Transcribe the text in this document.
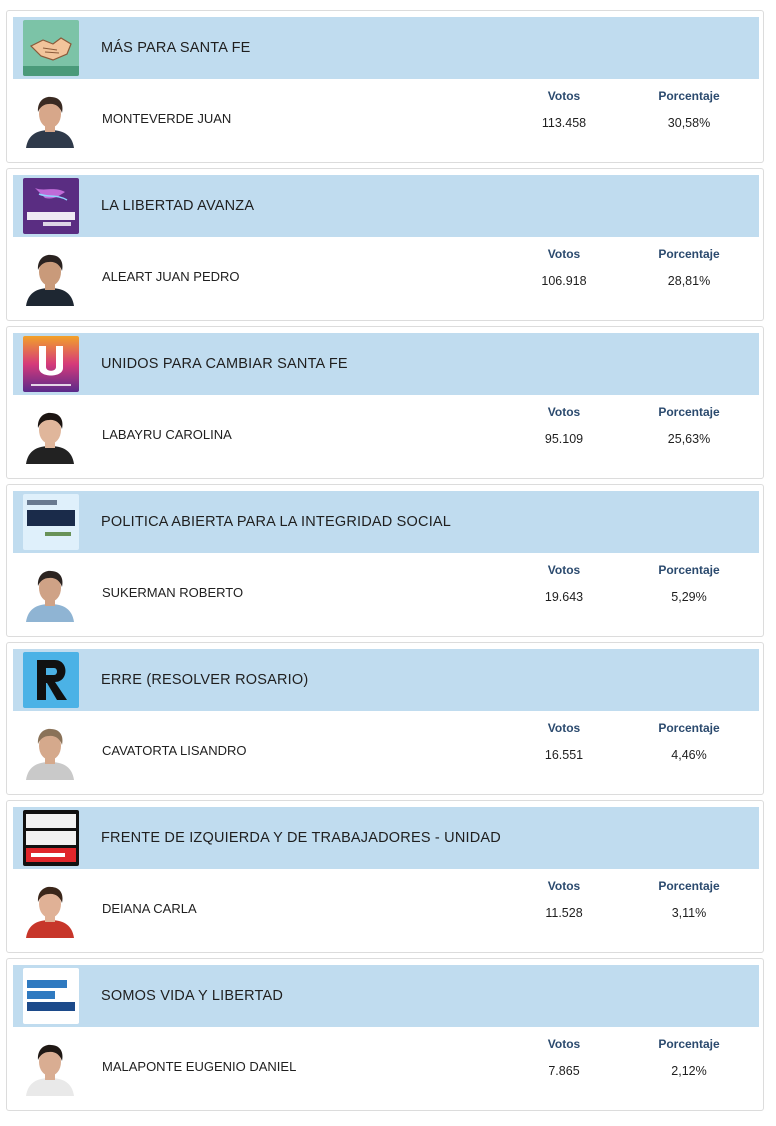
MÁS PARA SANTA FE
MONTEVERDE JUAN
Votos	Porcentaje
113.458	30,58%
LA LIBERTAD AVANZA
ALEART JUAN PEDRO
Votos	Porcentaje
106.918	28,81%
UNIDOS PARA CAMBIAR SANTA FE
LABAYRU CAROLINA
Votos	Porcentaje
95.109	25,63%
POLITICA ABIERTA PARA LA INTEGRIDAD SOCIAL
SUKERMAN ROBERTO
Votos	Porcentaje
19.643	5,29%
ERRE (RESOLVER ROSARIO)
CAVATORTA LISANDRO
Votos	Porcentaje
16.551	4,46%
FRENTE DE IZQUIERDA Y DE TRABAJADORES - UNIDAD
DEIANA CARLA
Votos	Porcentaje
11.528	3,11%
SOMOS VIDA Y LIBERTAD
MALAPONTE EUGENIO DANIEL
Votos	Porcentaje
7.865	2,12%
